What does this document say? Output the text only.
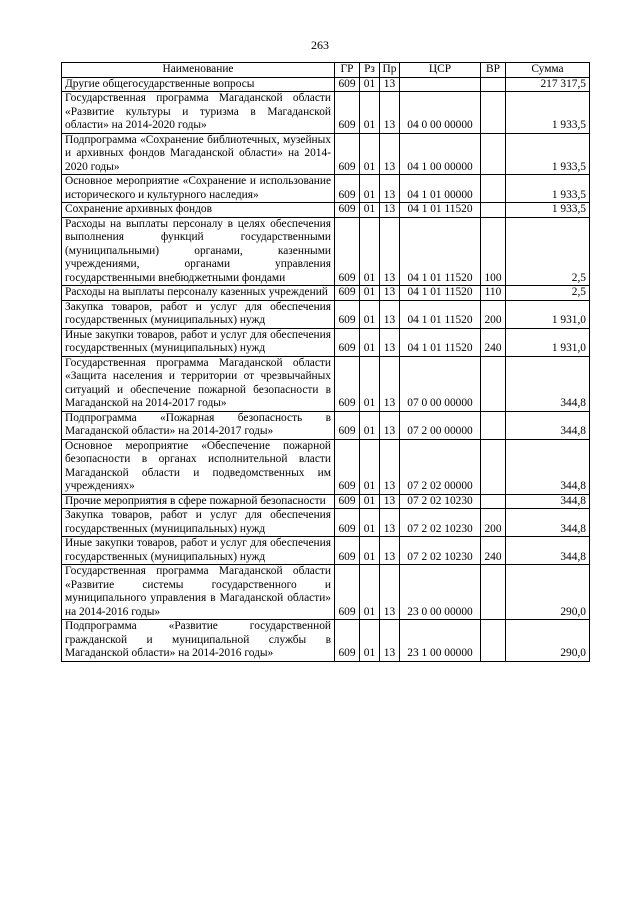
263
Наименование	ГР	Рз	Пр	ЦСР	ВР	Сумма
Другие общегосударственные вопросы	609	01	13			217 317,5
Государственная программа Магаданской области «Развитие культуры и туризма в Магаданской области» на 2014-2020 годы»	609	01	13	04 0 00 00000		1 933,5
Подпрограмма «Сохранение библиотечных, музейных и архивных фондов Магаданской области» на 2014-2020 годы»	609	01	13	04 1 00 00000		1 933,5
Основное мероприятие «Сохранение и использование исторического и культурного наследия»	609	01	13	04 1 01 00000		1 933,5
Сохранение архивных фондов	609	01	13	04 1 01 11520		1 933,5
Расходы на выплаты персоналу в целях обеспечения выполнения функций государственными (муниципальными) органами, казенными учреждениями, органами управления государственными внебюджетными фондами	609	01	13	04 1 01 11520	100	2,5
Расходы на выплаты персоналу казенных учреждений	609	01	13	04 1 01 11520	110	2,5
Закупка товаров, работ и услуг для обеспечения государственных (муниципальных) нужд	609	01	13	04 1 01 11520	200	1 931,0
Иные закупки товаров, работ и услуг для обеспечения государственных (муниципальных) нужд	609	01	13	04 1 01 11520	240	1 931,0
Государственная программа Магаданской области «Защита населения и территории от чрезвычайных ситуаций и обеспечение пожарной безопасности в Магаданской на 2014-2017 годы»	609	01	13	07 0 00 00000		344,8
Подпрограмма «Пожарная безопасность в Магаданской области» на 2014-2017 годы»	609	01	13	07 2 00 00000		344,8
Основное мероприятие «Обеспечение пожарной безопасности в органах исполнительной власти Магаданской области и подведомственных им учреждениях»	609	01	13	07 2 02 00000		344,8
Прочие мероприятия в сфере пожарной безопасности	609	01	13	07 2 02 10230		344,8
Закупка товаров, работ и услуг для обеспечения государственных (муниципальных) нужд	609	01	13	07 2 02 10230	200	344,8
Иные закупки товаров, работ и услуг для обеспечения государственных (муниципальных) нужд	609	01	13	07 2 02 10230	240	344,8
Государственная программа Магаданской области «Развитие системы государственного и муниципального управления в Магаданской области» на 2014-2016 годы»	609	01	13	23 0 00 00000		290,0
Подпрограмма «Развитие государственной гражданской и муниципальной службы в Магаданской области» на 2014-2016 годы»	609	01	13	23 1 00 00000		290,0
